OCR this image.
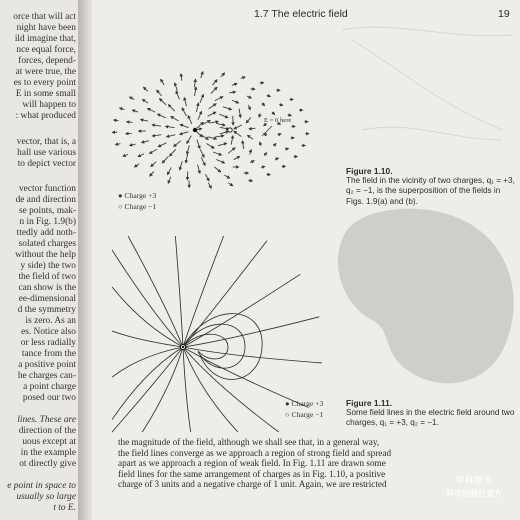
orce that will act
night have been
ild imagine that,
nce equal force,
forces, depend-
at were true, the
es to every point
E in some small
will happen to
: what produced
vector, that is, a
hall use various
to depict vector
vector function
de and direction
se points, mak-
n in Fig. 1.9(b)
ttedly add noth-
solated charges
without the help
y side) the two
the field of two
can show is the
ee-dimensional
d the symmetry
is zero. As an
es. Notice also
or less radially
tance from the
a positive point
he charges can-
a point charge
posed our two
lines. These are
direction of the
uous except at
in the example
ot directly give
e point in space to
usually so large
t to E.
1.7 The electric field	19
E = 0 here
● Charge +3
○ Charge −1
Figure 1.10.
The field in the vicinity of two charges, q₁ = +3,
q₂ = −1, is the superposition of the fields in
Figs. 1.9(a) and (b).
● Charge +3
○ Charge −1
Figure 1.11.
Some field lines in the electric field around two
charges, q₁ = +3, q₂ = −1.
the magnitude of the field, although we shall see that, in a general way,
the field lines converge as we approach a region of strong field and spread
apart as we approach a region of weak field. In Fig. 1.11 are drawn some
field lines for the same arrangement of charges as in Fig. 1.10, a positive
charge of 3 units and a negative charge of 1 unit. Again, we are restricted	中科图书
科学出版社官方
